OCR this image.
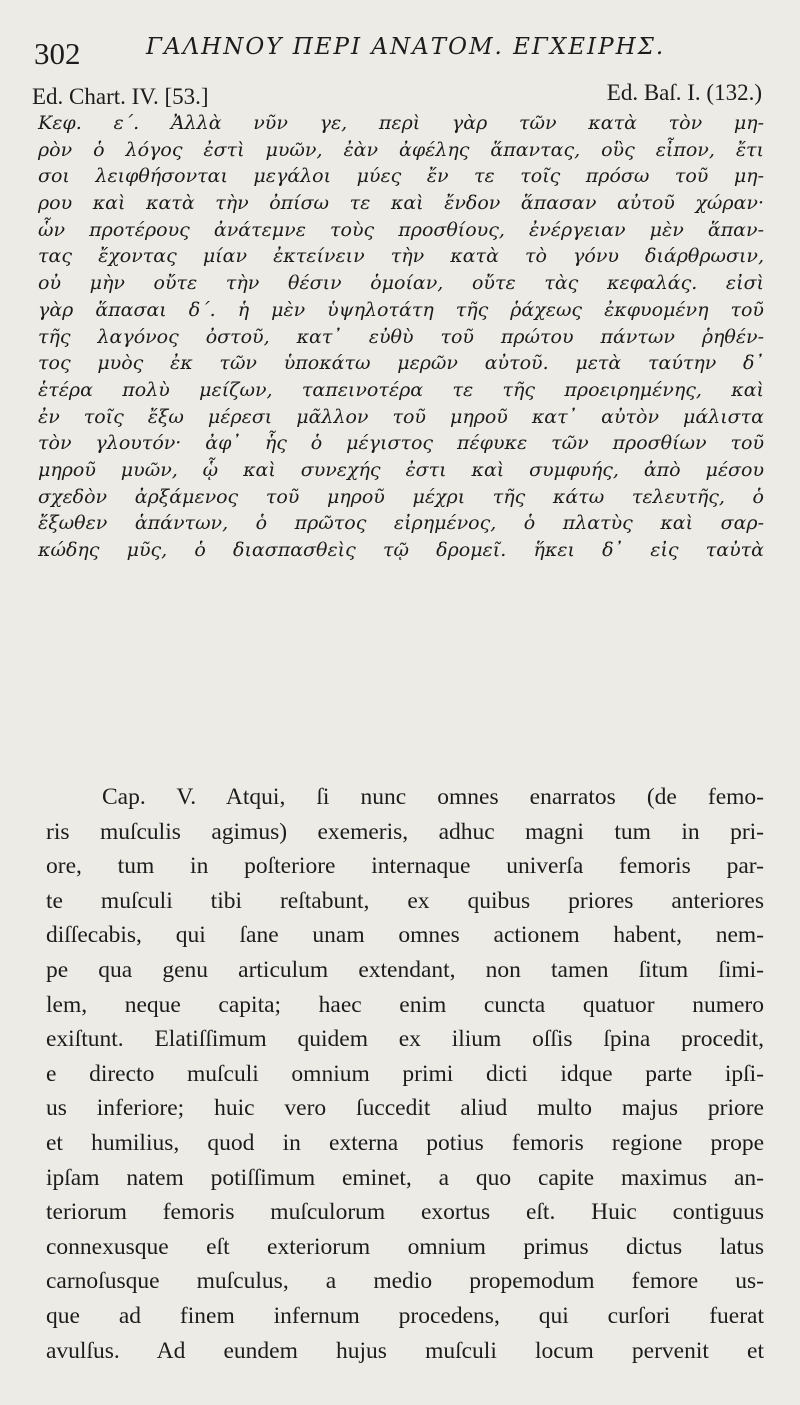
302	ΓΑΛΗΝΟΥ ΠΕΡΙ ΑΝΑΤΟΜ. ΕΓΧΕΙΡΗΣ.
Ed. Chart. IV. [53.]	Ed. Baſ. I. (132.)
Κεφ. ε΄. Ἀλλὰ νῦν γε, περὶ γὰρ τῶν κατὰ τὸν μη-
ρὸν ὁ λόγος ἐστὶ μυῶν, ἐὰν ἀφέλης ἅπαντας, οὓς εἶπον, ἔτι
σοι λειφθήσονται μεγάλοι μύες ἔν τε τοῖς πρόσω τοῦ μη-
ρου καὶ κατὰ τὴν ὀπίσω τε καὶ ἔνδον ἅπασαν αὐτοῦ χώραν·
ὧν προτέρους ἀνάτεμνε τοὺς προσθίους, ἐνέργειαν μὲν ἅπαν-
τας ἔχοντας μίαν ἐκτείνειν τὴν κατὰ τὸ γόνυ διάρθρωσιν,
οὐ μὴν οὔτε τὴν θέσιν ὁμοίαν, οὔτε τὰς κεφαλάς. εἰσὶ
γὰρ ἅπασαι δ΄. ἡ μὲν ὑψηλοτάτη τῆς ῥάχεως ἐκφυομένη τοῦ
τῆς λαγόνος ὀστοῦ, κατ᾽ εὐθὺ τοῦ πρώτου πάντων ῥηθέν-
τος μυὸς ἐκ τῶν ὑποκάτω μερῶν αὐτοῦ. μετὰ ταύτην δ᾽
ἑτέρα πολὺ μείζων, ταπεινοτέρα τε τῆς προειρημένης, καὶ
ἐν τοῖς ἔξω μέρεσι μᾶλλον τοῦ μηροῦ κατ᾽ αὐτὸν μάλιστα
τὸν γλουτόν· ἀφ᾽ ἧς ὁ μέγιστος πέφυκε τῶν προσθίων τοῦ
μηροῦ μυῶν, ᾧ καὶ συνεχής ἐστι καὶ συμφυής, ἀπὸ μέσου
σχεδὸν ἀρξάμενος τοῦ μηροῦ μέχρι τῆς κάτω τελευτῆς, ὁ
ἔξωθεν ἁπάντων, ὁ πρῶτος εἰρημένος, ὁ πλατὺς καὶ σαρ-
κώδης μῦς, ὁ διασπασθεὶς τῷ δρομεῖ. ἥκει δ᾽ εἰς ταὐτὰ
Cap. V. Atqui, ſi nunc omnes enarratos (de femo-
ris muſculis agimus) exemeris, adhuc magni tum in pri-
ore, tum in poſteriore internaque univerſa femoris par-
te muſculi tibi reſtabunt, ex quibus priores anteriores
diſſecabis, qui ſane unam omnes actionem habent, nem-
pe qua genu articulum extendant, non tamen ſitum ſimi-
lem, neque capita; haec enim cuncta quatuor numero
exiſtunt. Elatiſſimum quidem ex ilium oſſis ſpina procedit,
e directo muſculi omnium primi dicti idque parte ipſi-
us inferiore; huic vero ſuccedit aliud multo majus priore
et humilius, quod in externa potius femoris regione prope
ipſam natem potiſſimum eminet, a quo capite maximus an-
teriorum femoris muſculorum exortus eſt. Huic contiguus
connexusque eſt exteriorum omnium primus dictus latus
carnoſusque muſculus, a medio propemodum femore us-
que ad finem infernum procedens, qui curſori fuerat
avulſus. Ad eundem hujus muſculi locum pervenit et
